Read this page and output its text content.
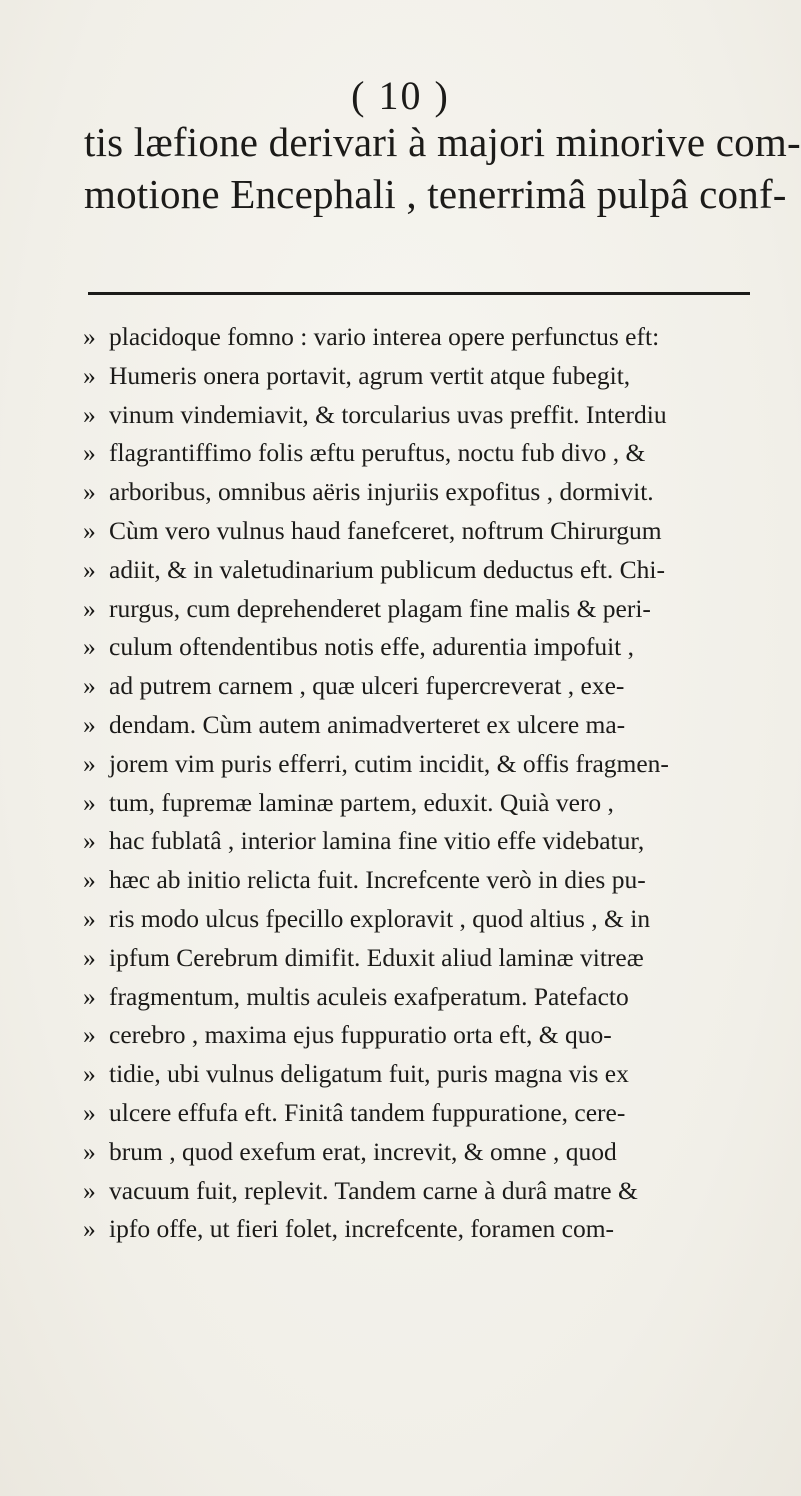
( 10 )
tis læfione derivari à majori minorive com-
motione Encephali , tenerrimâ pulpâ conf-
» placidoque fomno : vario interea opere perfunctus eft:
» Humeris onera portavit, agrum vertit atque fubegit,
» vinum vindemiavit, & torcularius uvas preffit. Interdiu
» flagrantiffimo folis æftu peruftus, noctu fub divo , &
» arboribus, omnibus aëris injuriis expofitus , dormivit.
» Cùm vero vulnus haud fanefceret, noftrum Chirurgum
» adiit, & in valetudinarium publicum deductus eft. Chi-
» rurgus, cum deprehenderet plagam fine malis & peri-
» culum oftendentibus notis effe, adurentia impofuit ,
» ad putrem carnem , quæ ulceri fupercreverat , exe-
» dendam. Cùm autem animadverteret ex ulcere ma-
» jorem vim puris efferri, cutim incidit, & offis fragmen-
» tum, fupremæ laminæ partem, eduxit. Quià vero ,
» hac fublatâ , interior lamina fine vitio effe videbatur,
» hæc ab initio relicta fuit. Increfcente verò in dies pu-
» ris modo ulcus fpecillo exploravit , quod altius , & in
» ipfum Cerebrum dimifit. Eduxit aliud laminæ vitreæ
» fragmentum, multis aculeis exafperatum. Patefacto
» cerebro , maxima ejus fuppuratio orta eft, & quo-
» tidie, ubi vulnus deligatum fuit, puris magna vis ex
» ulcere effufa eft. Finitâ tandem fuppuratione, cere-
» brum , quod exefum erat, increvit, & omne , quod
» vacuum fuit, replevit. Tandem carne à durâ matre &
» ipfo offe, ut fieri folet, increfcente, foramen com-
